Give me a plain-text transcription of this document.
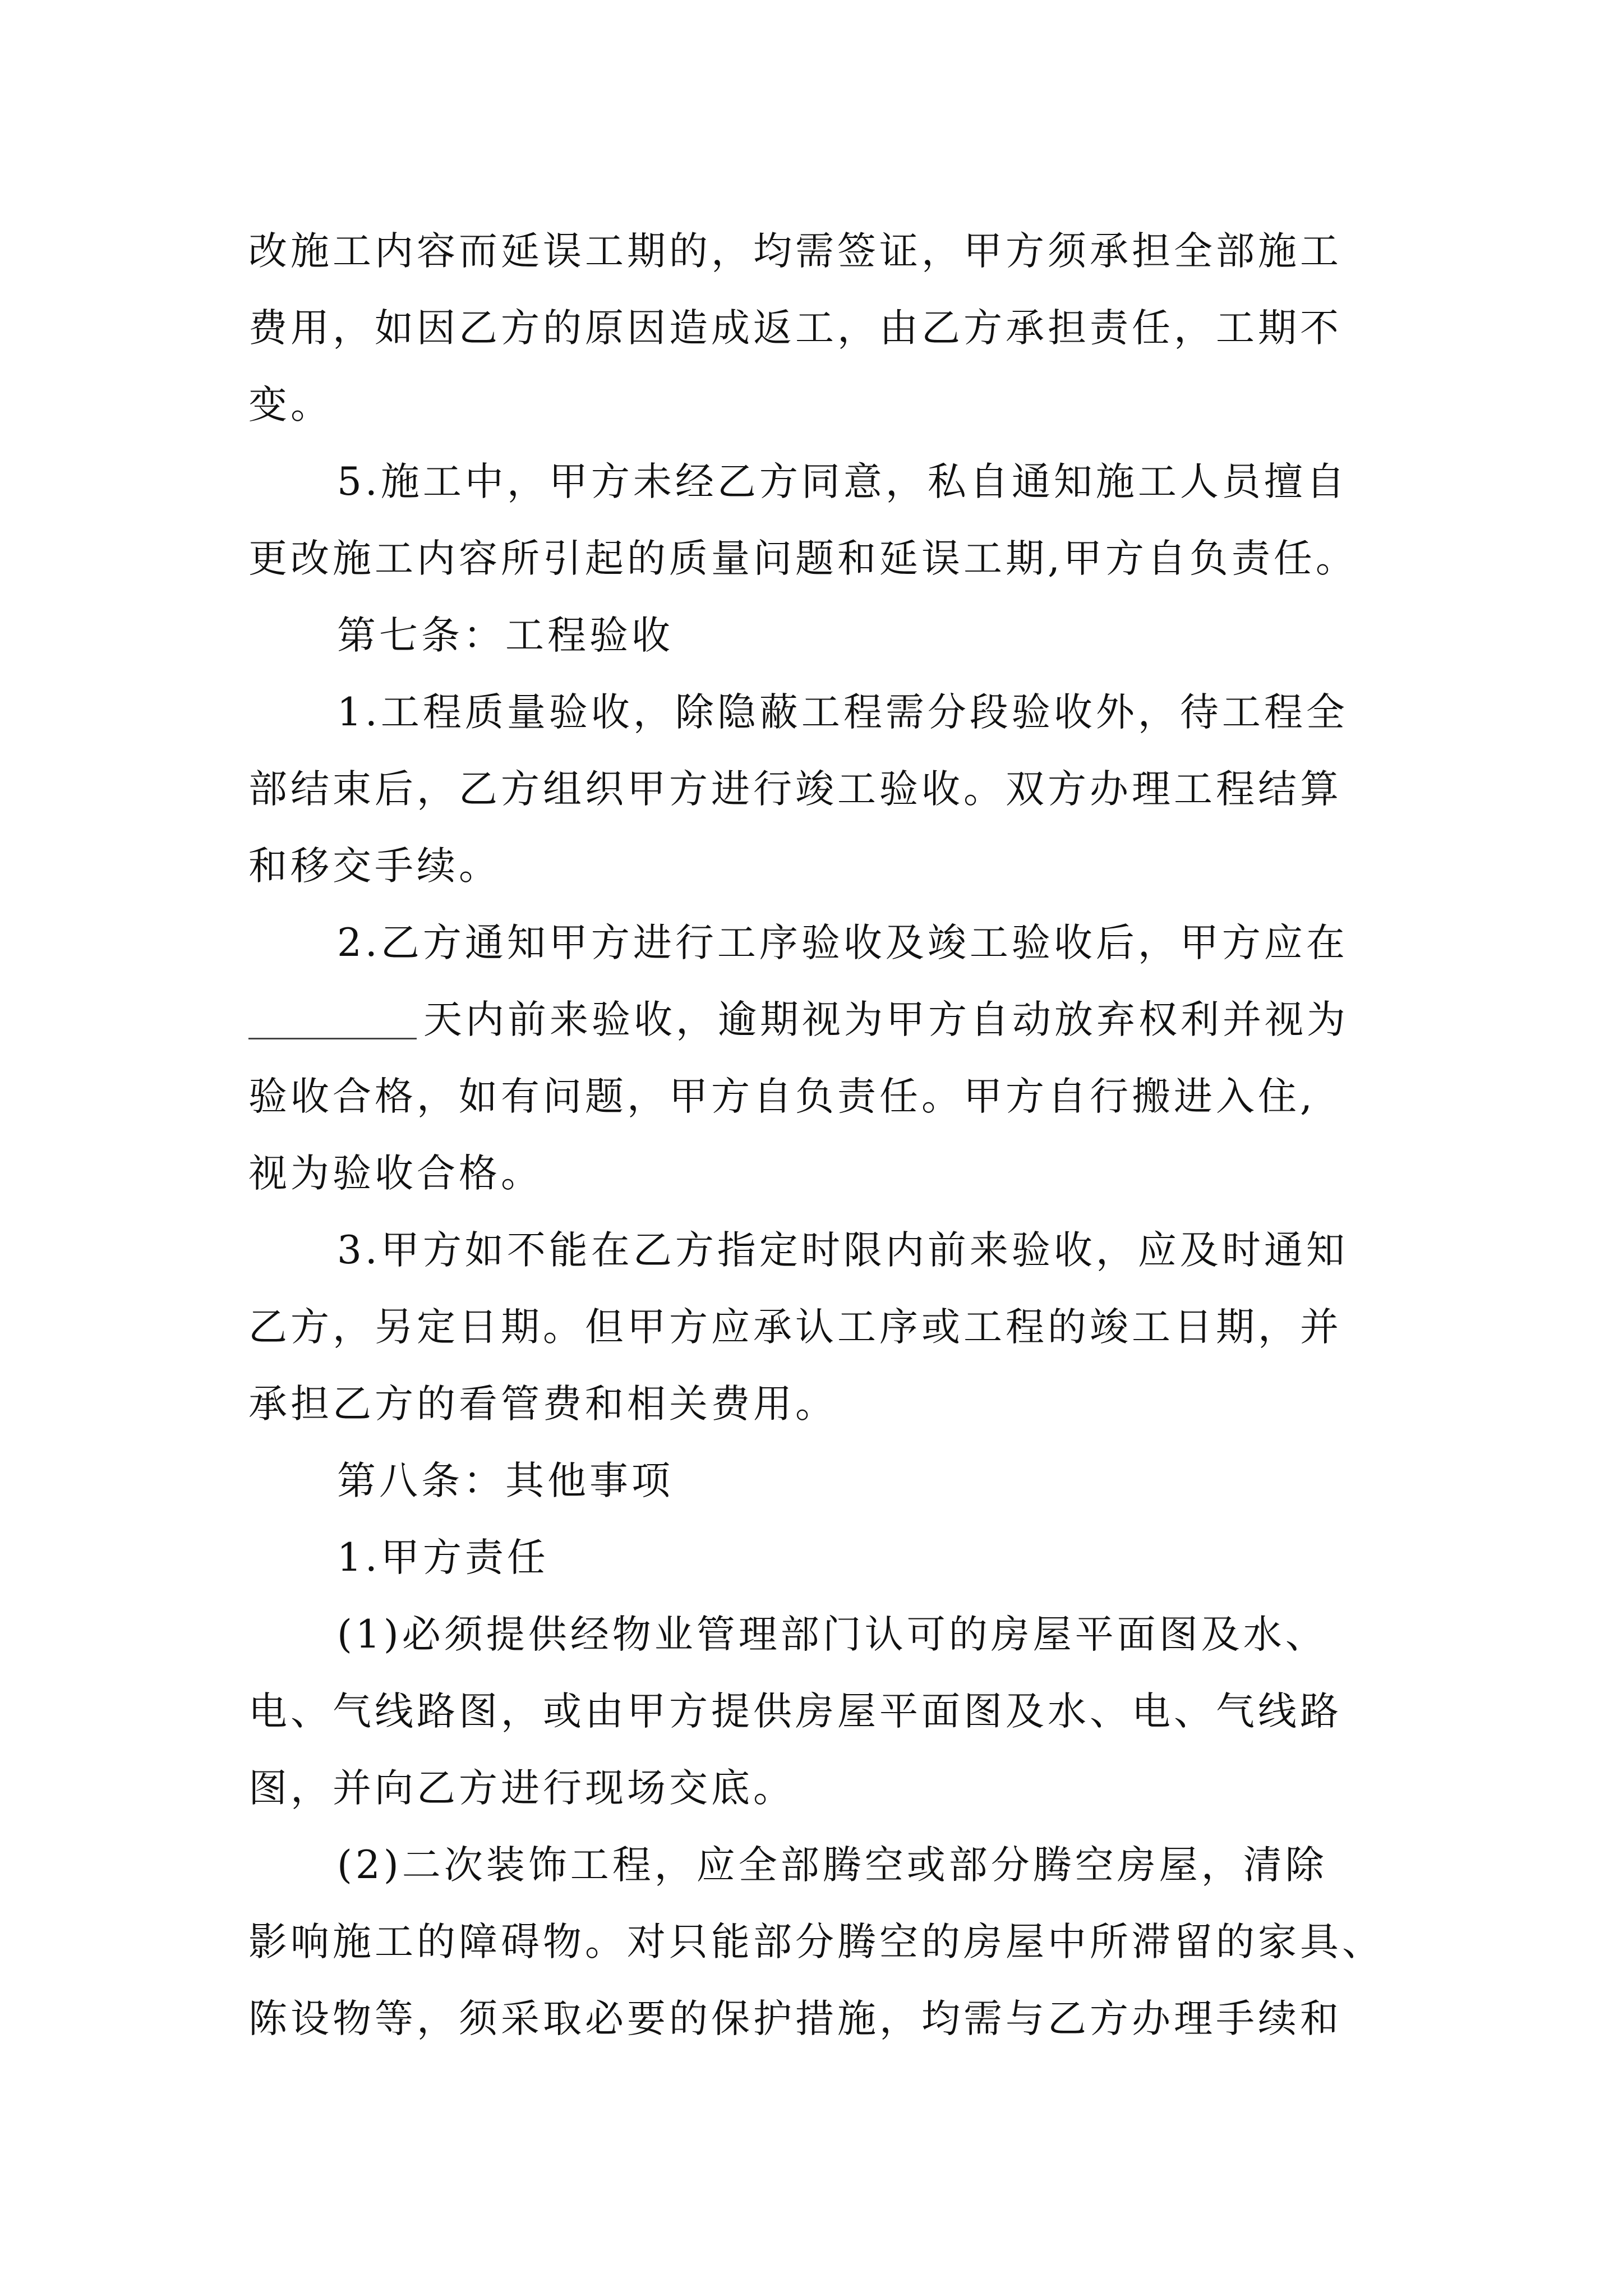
改施工内容而延误工期的，均需签证，甲方须承担全部施工
费用，如因乙方的原因造成返工，由乙方承担责任，工期不
变。
5.施工中，甲方未经乙方同意，私自通知施工人员擅自
更改施工内容所引起的质量问题和延误工期,甲方自负责任。
第七条：工程验收
1.工程质量验收，除隐蔽工程需分段验收外，待工程全
部结束后，乙方组织甲方进行竣工验收。双方办理工程结算
和移交手续。
2.乙方通知甲方进行工序验收及竣工验收后，甲方应在
天内前来验收，逾期视为甲方自动放弃权利并视为
验收合格，如有问题，甲方自负责任。甲方自行搬进入住,
视为验收合格。
3.甲方如不能在乙方指定时限内前来验收，应及时通知
乙方，另定日期。但甲方应承认工序或工程的竣工日期，并
承担乙方的看管费和相关费用。
第八条：其他事项
1.甲方责任
(1)必须提供经物业管理部门认可的房屋平面图及水、
电、气线路图，或由甲方提供房屋平面图及水、电、气线路
图，并向乙方进行现场交底。
(2)二次装饰工程，应全部腾空或部分腾空房屋，清除
影响施工的障碍物。对只能部分腾空的房屋中所滞留的家具、
陈设物等，须采取必要的保护措施，均需与乙方办理手续和
